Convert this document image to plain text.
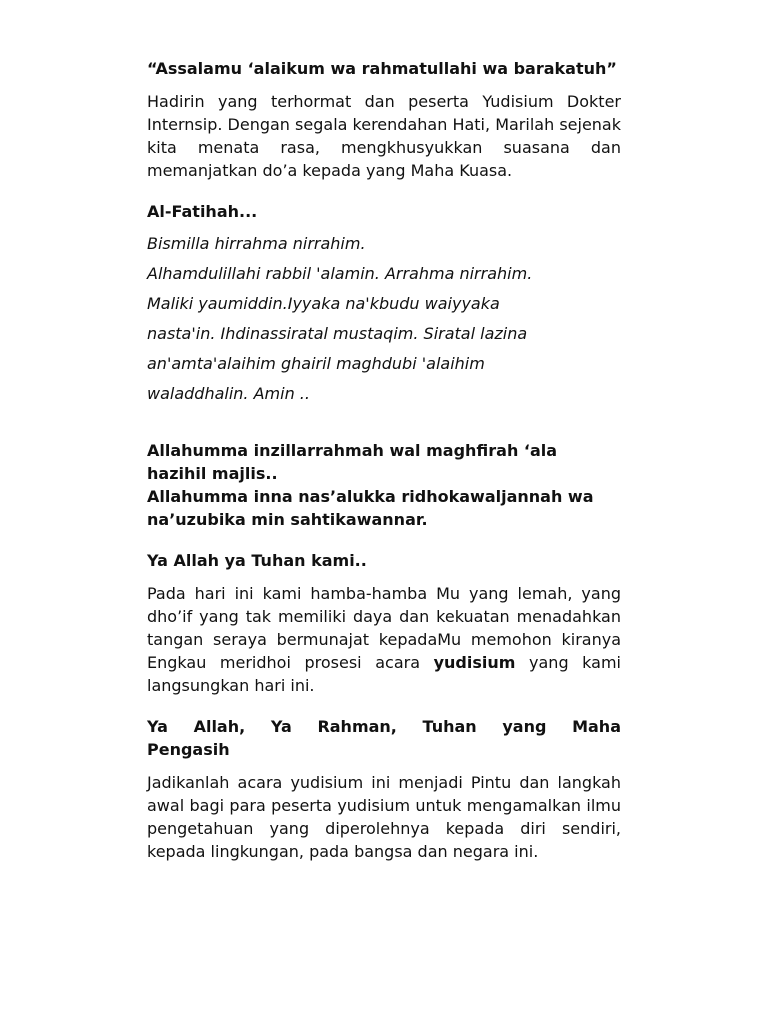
“Assalamu ‘alaikum wa rahmatullahi wa barakatuh”

Hadirin yang terhormat dan peserta Yudisium Dokter Internsip. Dengan segala kerendahan Hati, Marilah sejenak kita menata rasa, mengkhusyukkan suasana dan memanjatkan do’a kepada yang Maha Kuasa.

Al-Fatihah...

Bismilla hirrahma nirrahim.

Alhamdulillahi rabbil 'alamin. Arrahma nirrahim.

Maliki yaumiddin.Iyyaka na'kbudu waiyyaka

nasta'in. Ihdinassiratal mustaqim. Siratal lazina

an'amta'alaihim ghairil maghdubi 'alaihim

waladdhalin. Amin ..

Allahumma inzillarrahmah wal maghfirah ‘ala hazihil majlis..

Allahumma inna nas’alukka ridhokawaljannah wa na’uzubika min sahtikawannar.

Ya Allah ya Tuhan kami..

Pada hari ini kami hamba-hamba Mu yang lemah, yang dho’if yang tak memiliki daya dan kekuatan menadahkan tangan seraya bermunajat kepadaMu memohon kiranya Engkau meridhoi prosesi acara yudisium yang kami langsungkan hari ini.

Ya Allah, Ya Rahman, Tuhan yang Maha

Pengasih

Jadikanlah acara yudisium ini menjadi Pintu dan langkah awal bagi para peserta yudisium untuk mengamalkan ilmu pengetahuan yang diperolehnya kepada diri sendiri, kepada lingkungan, pada bangsa dan negara ini.
